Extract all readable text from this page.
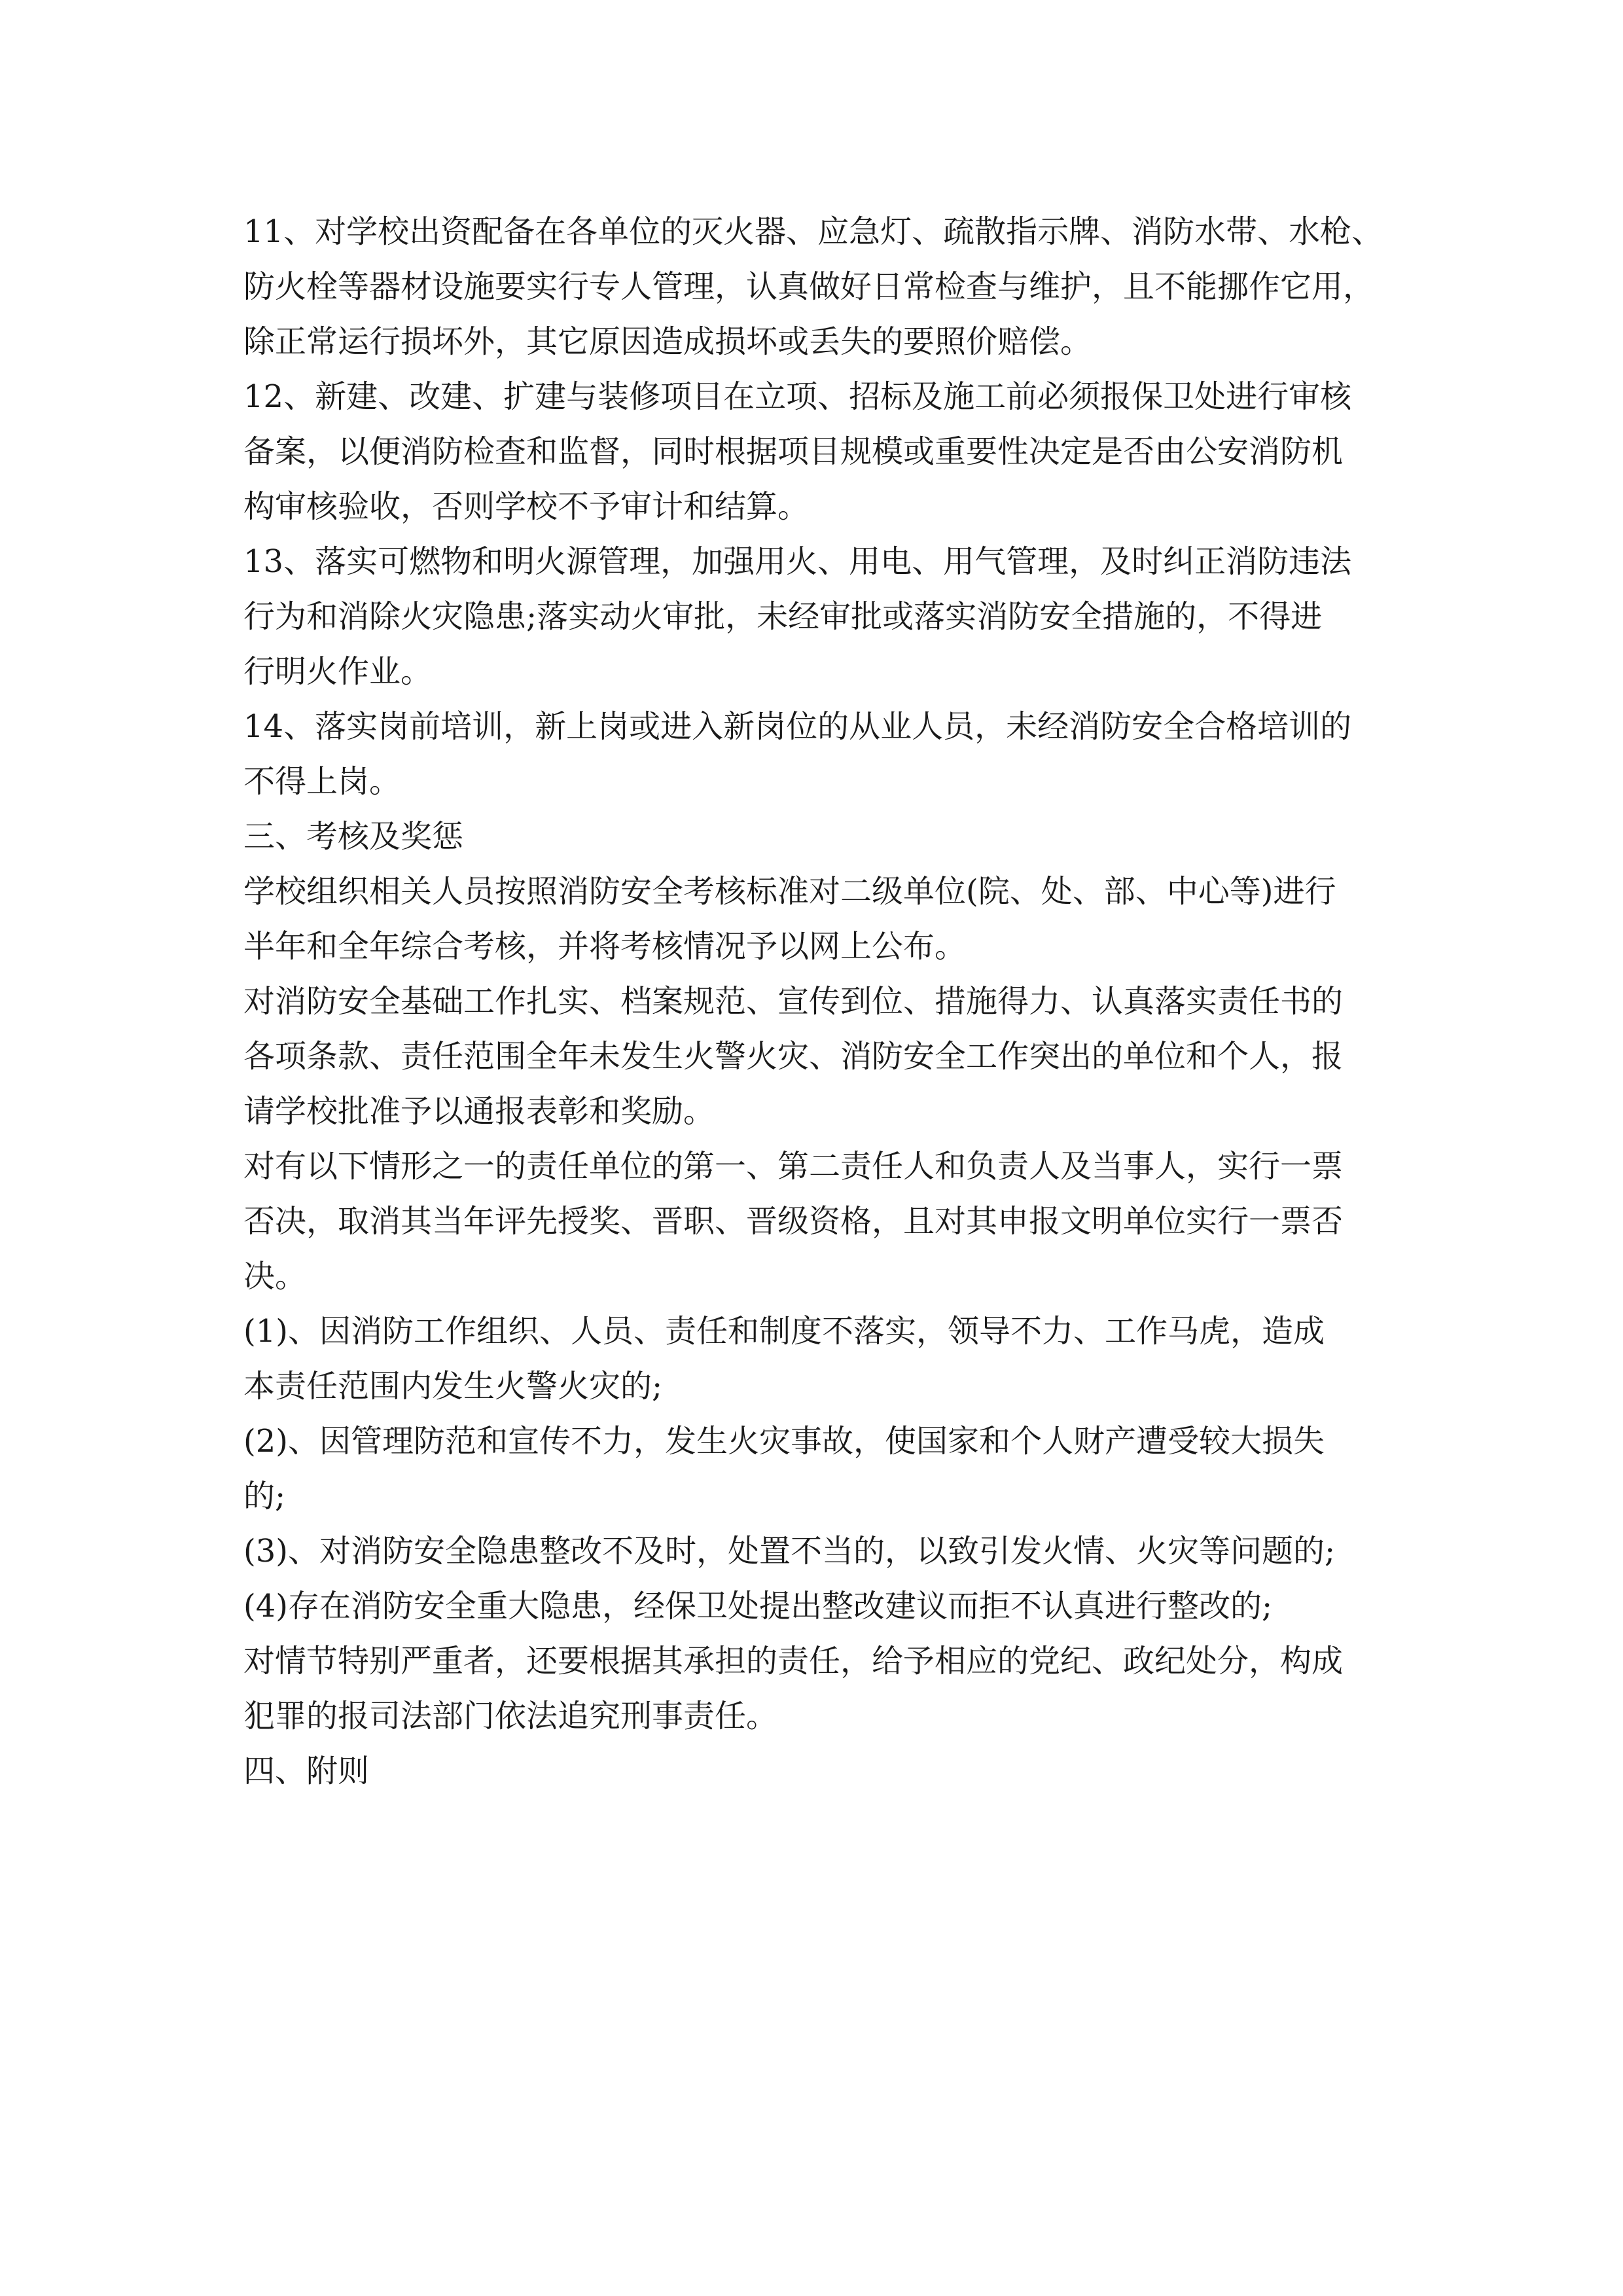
11、对学校出资配备在各单位的灭火器、应急灯、疏散指示牌、消防水带、水枪、
防火栓等器材设施要实行专人管理，认真做好日常检查与维护，且不能挪作它用，
除正常运行损坏外，其它原因造成损坏或丢失的要照价赔偿。
12、新建、改建、扩建与装修项目在立项、招标及施工前必须报保卫处进行审核
备案，以便消防检查和监督，同时根据项目规模或重要性决定是否由公安消防机
构审核验收，否则学校不予审计和结算。
13、落实可燃物和明火源管理，加强用火、用电、用气管理，及时纠正消防违法
行为和消除火灾隐患;落实动火审批，未经审批或落实消防安全措施的，不得进
行明火作业。
14、落实岗前培训，新上岗或进入新岗位的从业人员，未经消防安全合格培训的
不得上岗。
三、考核及奖惩
学校组织相关人员按照消防安全考核标准对二级单位(院、处、部、中心等)进行
半年和全年综合考核，并将考核情况予以网上公布。
对消防安全基础工作扎实、档案规范、宣传到位、措施得力、认真落实责任书的
各项条款、责任范围全年未发生火警火灾、消防安全工作突出的单位和个人，报
请学校批准予以通报表彰和奖励。
对有以下情形之一的责任单位的第一、第二责任人和负责人及当事人，实行一票
否决，取消其当年评先授奖、晋职、晋级资格，且对其申报文明单位实行一票否
决。
(1)、因消防工作组织、人员、责任和制度不落实，领导不力、工作马虎，造成
本责任范围内发生火警火灾的;
(2)、因管理防范和宣传不力，发生火灾事故，使国家和个人财产遭受较大损失
的;
(3)、对消防安全隐患整改不及时，处置不当的，以致引发火情、火灾等问题的;
(4)存在消防安全重大隐患，经保卫处提出整改建议而拒不认真进行整改的;
对情节特别严重者，还要根据其承担的责任，给予相应的党纪、政纪处分，构成
犯罪的报司法部门依法追究刑事责任。
四、附则
